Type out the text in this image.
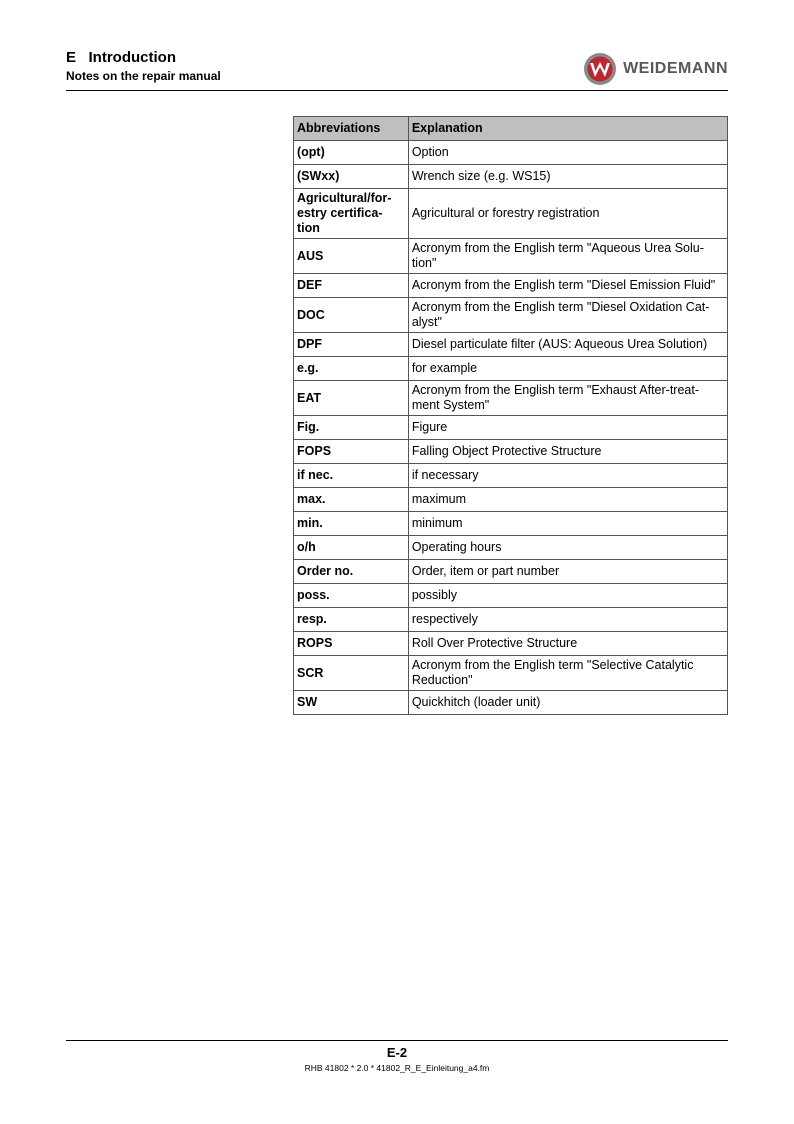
E   Introduction
Notes on the repair manual	WEIDEMANN
Abbreviations	Explanation
(opt)	Option
(SWxx)	Wrench size (e.g. WS15)
Agricultural/for-estry certifica-tion	Agricultural or forestry registration
AUS	Acronym from the English term "Aqueous Urea Solu-tion"
DEF	Acronym from the English term "Diesel Emission Fluid"
DOC	Acronym from the English term "Diesel Oxidation Cat-alyst"
DPF	Diesel particulate filter (AUS: Aqueous Urea Solution)
e.g.	for example
EAT	Acronym from the English term "Exhaust After-treat-ment System"
Fig.	Figure
FOPS	Falling Object Protective Structure
if nec.	if necessary
max.	maximum
min.	minimum
o/h	Operating hours
Order no.	Order, item or part number
poss.	possibly
resp.	respectively
ROPS	Roll Over Protective Structure
SCR	Acronym from the English term "Selective Catalytic Reduction"
SW	Quickhitch (loader unit)
E-2
RHB 41802 * 2.0 * 41802_R_E_Einleitung_a4.fm
